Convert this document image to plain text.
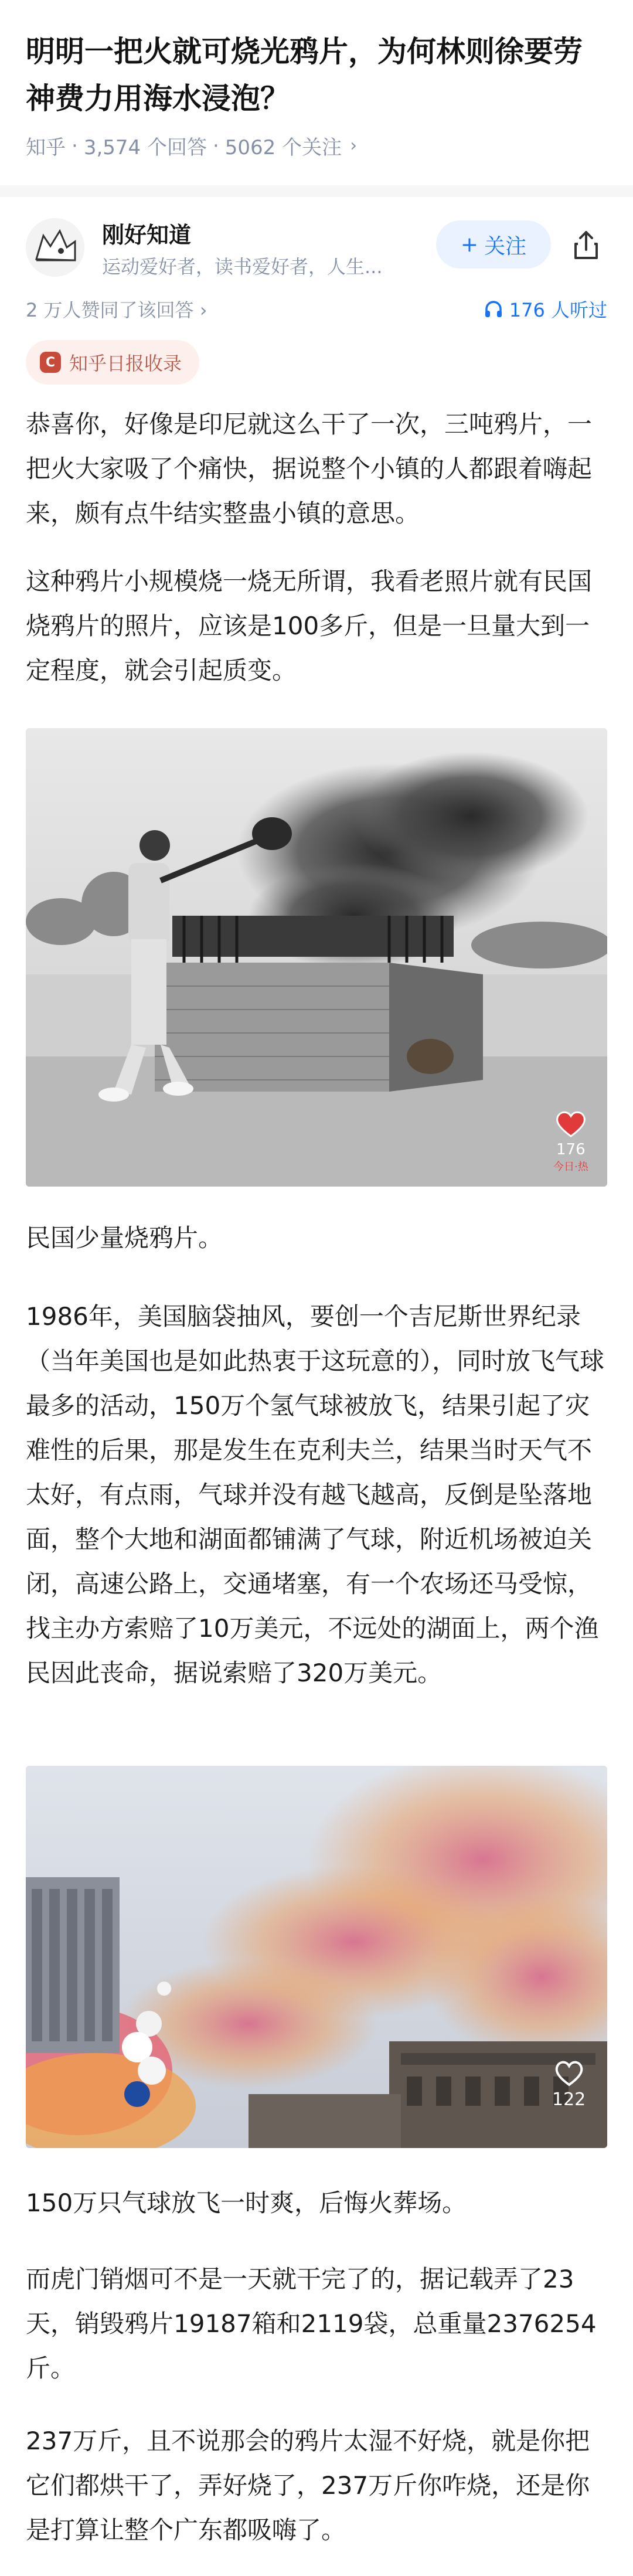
明明一把火就可烧光鸦片，为何林则徐要劳神费力用海水浸泡？
知乎 · 3,574 个回答 · 5062 个关注 ›
刚好知道
运动爱好者，读书爱好者，人生...
+ 关注
2 万人赞同了该回答 ›	176 人听过
C 知乎日报收录
恭喜你，好像是印尼就这么干了一次，三吨鸦片，一把火大家吸了个痛快，据说整个小镇的人都跟着嗨起来，颇有点牛结实整蛊小镇的意思。
这种鸦片小规模烧一烧无所谓，我看老照片就有民国烧鸦片的照片，应该是100多斤，但是一旦量大到一定程度，就会引起质变。
176
今日·热
民国少量烧鸦片。
1986年，美国脑袋抽风，要创一个吉尼斯世界纪录（当年美国也是如此热衷于这玩意的），同时放飞气球最多的活动，150万个氢气球被放飞，结果引起了灾难性的后果，那是发生在克利夫兰，结果当时天气不太好，有点雨，气球并没有越飞越高，反倒是坠落地面，整个大地和湖面都铺满了气球，附近机场被迫关闭，高速公路上，交通堵塞，有一个农场还马受惊，找主办方索赔了10万美元，不远处的湖面上，两个渔民因此丧命，据说索赔了320万美元。
122
150万只气球放飞一时爽，后悔火葬场。
而虎门销烟可不是一天就干完了的，据记载弄了23天，销毁鸦片19187箱和2119袋，总重量2376254斤。
237万斤，且不说那会的鸦片太湿不好烧，就是你把它们都烘干了，弄好烧了，237万斤你咋烧，还是你是打算让整个广东都吸嗨了。
